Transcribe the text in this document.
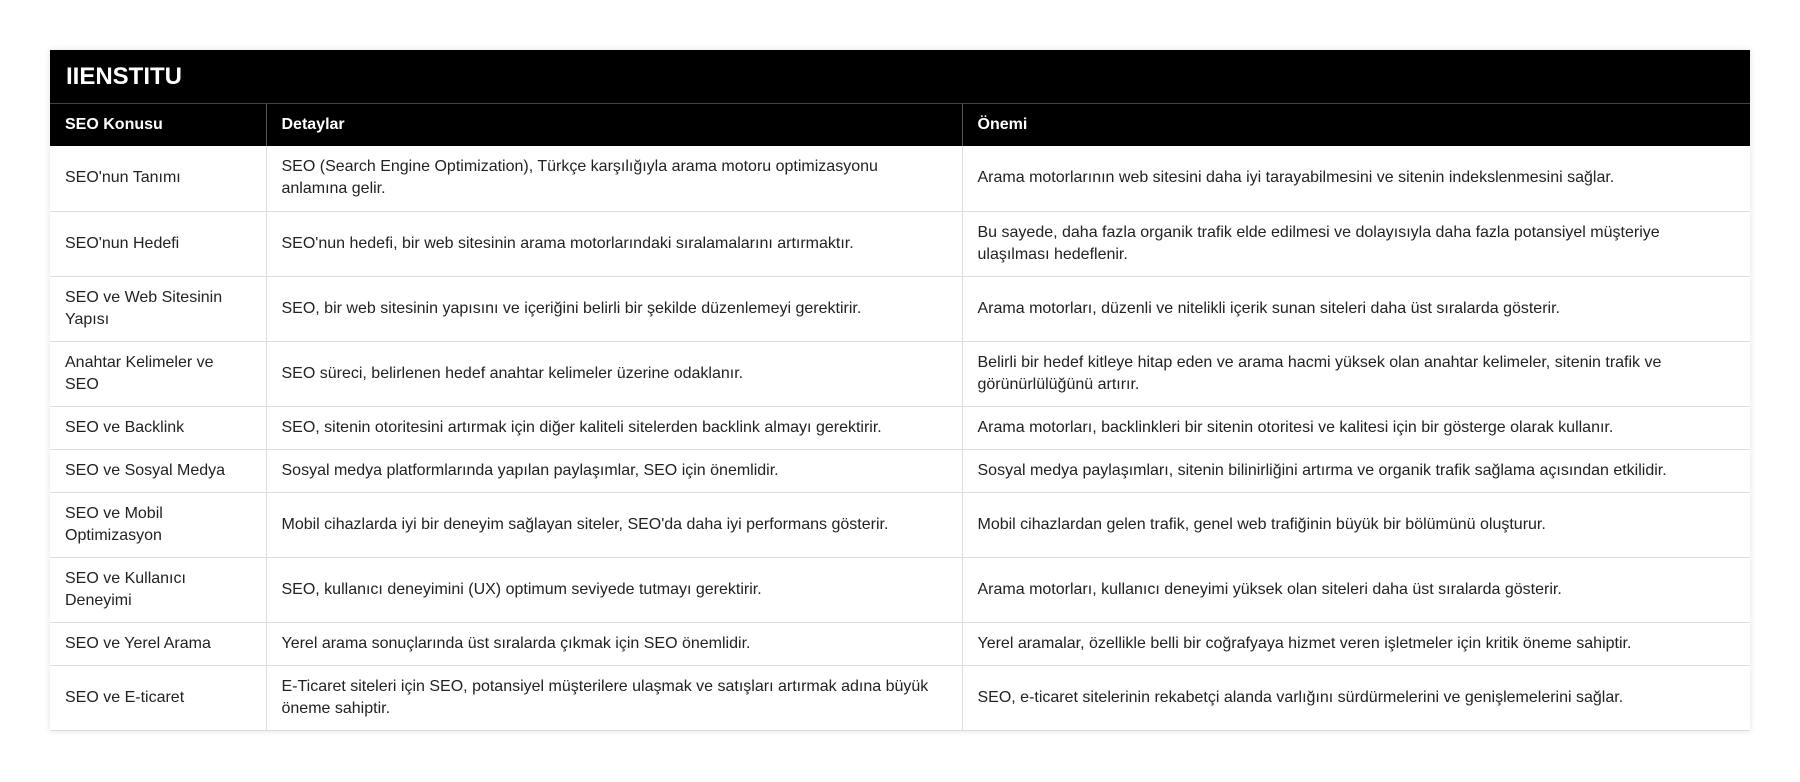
IIENSTITU
SEO Konusu	Detaylar	Önemi
SEO'nun Tanımı	SEO (Search Engine Optimization), Türkçe karşılığıyla arama motoru optimizasyonu anlamına gelir.	Arama motorlarının web sitesini daha iyi tarayabilmesini ve sitenin indekslenmesini sağlar.
SEO'nun Hedefi	SEO'nun hedefi, bir web sitesinin arama motorlarındaki sıralamalarını artırmaktır.	Bu sayede, daha fazla organik trafik elde edilmesi ve dolayısıyla daha fazla potansiyel müşteriye ulaşılması hedeflenir.
SEO ve Web Sitesinin Yapısı	SEO, bir web sitesinin yapısını ve içeriğini belirli bir şekilde düzenlemeyi gerektirir.	Arama motorları, düzenli ve nitelikli içerik sunan siteleri daha üst sıralarda gösterir.
Anahtar Kelimeler ve SEO	SEO süreci, belirlenen hedef anahtar kelimeler üzerine odaklanır.	Belirli bir hedef kitleye hitap eden ve arama hacmi yüksek olan anahtar kelimeler, sitenin trafik ve görünürlülüğünü artırır.
SEO ve Backlink	SEO, sitenin otoritesini artırmak için diğer kaliteli sitelerden backlink almayı gerektirir.	Arama motorları, backlinkleri bir sitenin otoritesi ve kalitesi için bir gösterge olarak kullanır.
SEO ve Sosyal Medya	Sosyal medya platformlarında yapılan paylaşımlar, SEO için önemlidir.	Sosyal medya paylaşımları, sitenin bilinirliğini artırma ve organik trafik sağlama açısından etkilidir.
SEO ve Mobil Optimizasyon	Mobil cihazlarda iyi bir deneyim sağlayan siteler, SEO'da daha iyi performans gösterir.	Mobil cihazlardan gelen trafik, genel web trafiğinin büyük bir bölümünü oluşturur.
SEO ve Kullanıcı Deneyimi	SEO, kullanıcı deneyimini (UX) optimum seviyede tutmayı gerektirir.	Arama motorları, kullanıcı deneyimi yüksek olan siteleri daha üst sıralarda gösterir.
SEO ve Yerel Arama	Yerel arama sonuçlarında üst sıralarda çıkmak için SEO önemlidir.	Yerel aramalar, özellikle belli bir coğrafyaya hizmet veren işletmeler için kritik öneme sahiptir.
SEO ve E-ticaret	E-Ticaret siteleri için SEO, potansiyel müşterilere ulaşmak ve satışları artırmak adına büyük öneme sahiptir.	SEO, e-ticaret sitelerinin rekabetçi alanda varlığını sürdürmelerini ve genişlemelerini sağlar.
